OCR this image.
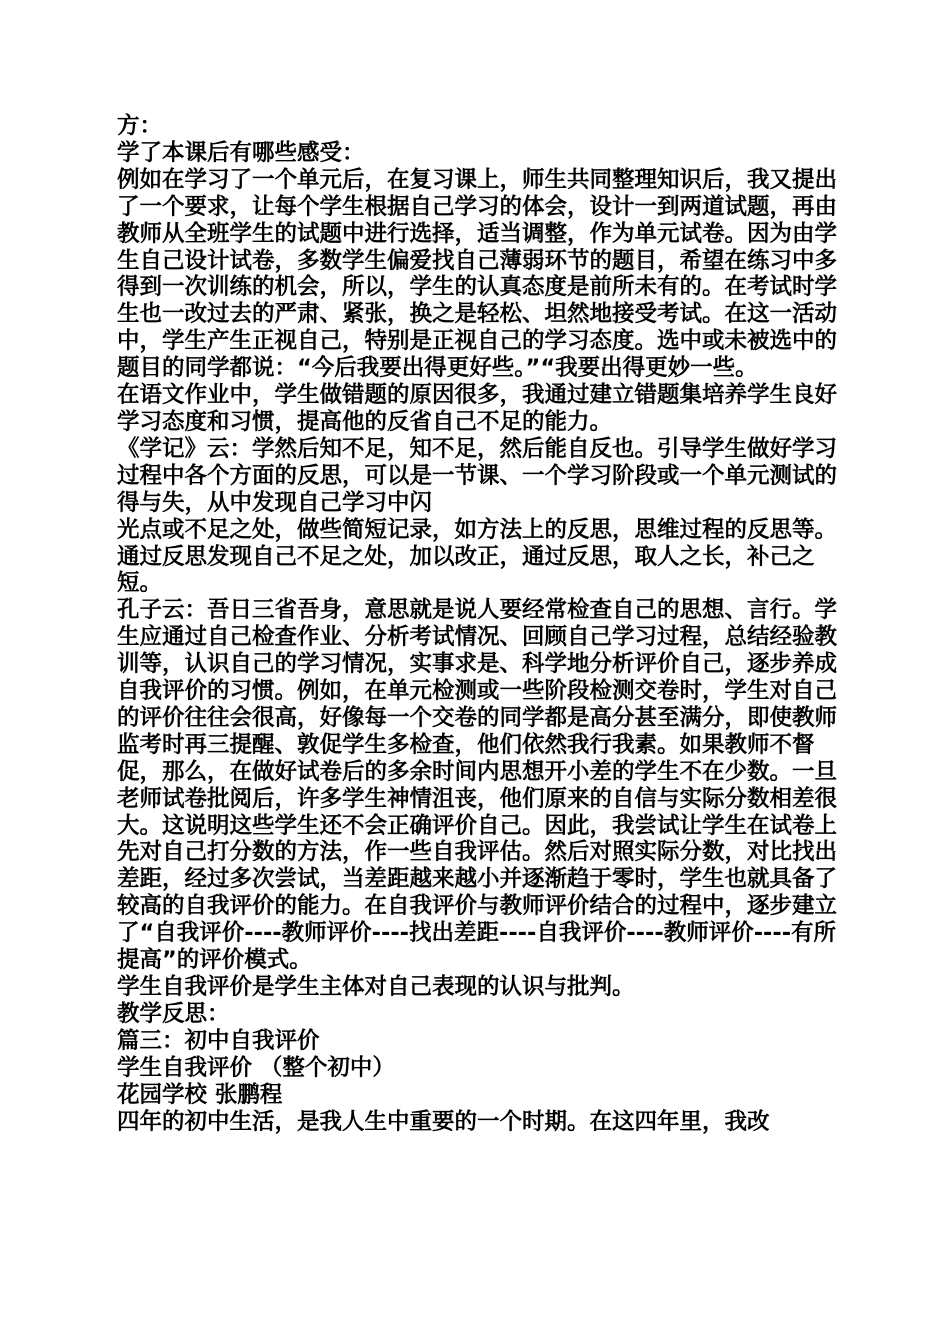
方：

学了本课后有哪些感受：

例如在学习了一个单元后，在复习课上，师生共同整理知识后，我又提出了一个要求，让每个学生根据自己学习的体会，设计一到两道试题，再由教师从全班学生的试题中进行选择，适当调整，作为单元试卷。因为由学生自己设计试卷，多数学生偏爱找自己薄弱环节的题目，希望在练习中多得到一次训练的机会，所以，学生的认真态度是前所未有的。在考试时学生也一改过去的严肃、紧张，换之是轻松、坦然地接受考试。在这一活动中，学生产生正视自己，特别是正视自己的学习态度。选中或未被选中的题目的同学都说：“今后我要出得更好些。”“我要出得更妙一些。

在语文作业中，学生做错题的原因很多，我通过建立错题集培养学生良好学习态度和习惯，提高他的反省自己不足的能力。

《学记》云：学然后知不足，知不足，然后能自反也。引导学生做好学习过程中各个方面的反思，可以是一节课、一个学习阶段或一个单元测试的得与失，从中发现自己学习中闪

光点或不足之处，做些简短记录，如方法上的反思，思维过程的反思等。通过反思发现自己不足之处，加以改正，通过反思，取人之长，补己之短。

孔子云：吾日三省吾身，意思就是说人要经常检查自己的思想、言行。学生应通过自己检查作业、分析考试情况、回顾自己学习过程，总结经验教训等，认识自己的学习情况，实事求是、科学地分析评价自己，逐步养成自我评价的习惯。例如，在单元检测或一些阶段检测交卷时，学生对自己的评价往往会很高，好像每一个交卷的同学都是高分甚至满分，即使教师监考时再三提醒、敦促学生多检查，他们依然我行我素。如果教师不督促，那么，在做好试卷后的多余时间内思想开小差的学生不在少数。一旦老师试卷批阅后，许多学生神情沮丧，他们原来的自信与实际分数相差很大。这说明这些学生还不会正确评价自己。因此，我尝试让学生在试卷上先对自己打分数的方法，作一些自我评估。然后对照实际分数，对比找出差距，经过多次尝试，当差距越来越小并逐渐趋于零时，学生也就具备了较高的自我评价的能力。在自我评价与教师评价结合的过程中，逐步建立了“自我评价----教师评价----找出差距----自我评价----教师评价----有所提高”的评价模式。

学生自我评价是学生主体对自己表现的认识与批判。

教学反思：

篇三：初中自我评价

学生自我评价 （整个初中）

花园学校 张鹏程

四年的初中生活，是我人生中重要的一个时期。在这四年里，我改
